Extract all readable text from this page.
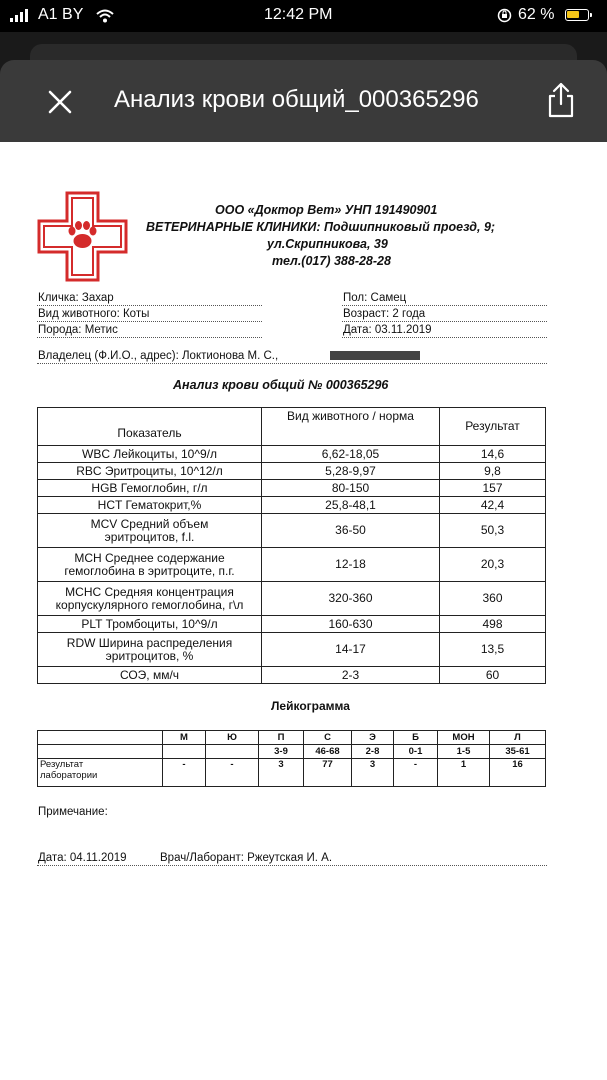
A1 BY	12:42 PM	62 %
Анализ крови общий_000365296
ООО «Доктор Вет» УНП 191490901
ВЕТЕРИНАРНЫЕ КЛИНИКИ: Подшипниковый проезд, 9;
ул.Скрипникова, 39
тел.(017) 388-28-28
Кличка: Захар
Вид животного: Коты
Порода: Метис
Пол: Самец
Возраст: 2 года
Дата: 03.11.2019
Владелец (Ф.И.О., адрес): Локтионова М. С.,
Анализ крови общий № 000365296
Показатель	Вид животного / норма	Результат
WBC Лейкоциты, 10^9/л	6,62-18,05	14,6
RBC Эритроциты, 10^12/л	5,28-9,97	9,8
HGB Гемоглобин, г/л	80-150	157
HCT Гематокрит,%	25,8-48,1	42,4

MCV Средний объем
эритроцитов, f.l.	36-50	50,3

MCH Среднее содержание
гемоглобина в эритроците, п.г.	12-18	20,3

MCHC Средняя концентрация
корпускулярного гемоглобина, г\л	320-360	360
PLT Тромбоциты, 10^9/л	160-630	498

RDW Ширина распределения
эритроцитов, %	14-17	13,5
СОЭ, мм/ч	2-3	60
Лейкограмма
	М	Ю	П	С	Э	Б	МОН	Л
			3-9	46-68	2-8	0-1	1-5	35-61

Результат
лаборатории	-	-	3	77	3	-	1	16
Примечание:
Дата: 04.11.2019	Врач/Лаборант: Ржеутская И. А.
